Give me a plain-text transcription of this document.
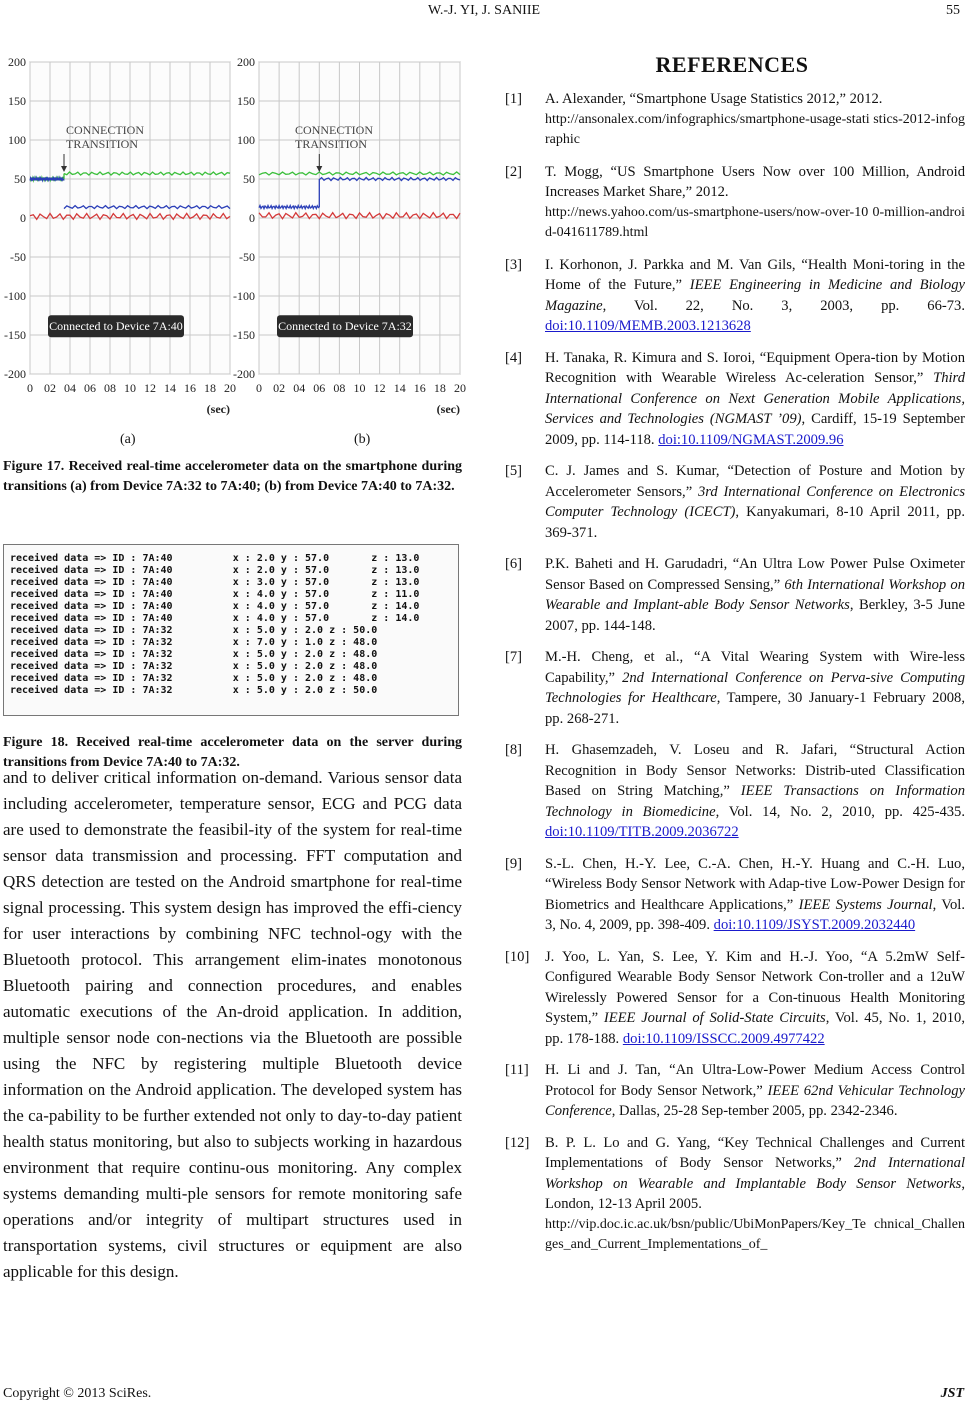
W.-J. YI, J. SANIIE	55
0 02 04 06 08 10 12 14 16 18 20
200
150
100
50
0
-50
-100
-150
-200
CONNECTION
TRANSITION
Connected to Device 7A:40
(sec)
0 02 04 06 08 10 12 14 16 18 20
200
150
100
50
0
-50
-100
-150
-200
CONNECTION
TRANSITION
Connected to Device 7A:32
(sec)
(a)	(b)
Figure 17. Received real-time accelerometer data on the smartphone during transitions (a) from Device 7A:32 to 7A:40; (b) from Device 7A:40 to 7A:32.
received data => ID : 7A:40          x : 2.0 y : 57.0       z : 13.0
received data => ID : 7A:40          x : 2.0 y : 57.0       z : 13.0
received data => ID : 7A:40          x : 3.0 y : 57.0       z : 13.0
received data => ID : 7A:40          x : 4.0 y : 57.0       z : 11.0
received data => ID : 7A:40          x : 4.0 y : 57.0       z : 14.0
received data => ID : 7A:40          x : 4.0 y : 57.0       z : 14.0
received data => ID : 7A:32          x : 5.0 y : 2.0 z : 50.0
received data => ID : 7A:32          x : 7.0 y : 1.0 z : 48.0
received data => ID : 7A:32          x : 5.0 y : 2.0 z : 48.0
received data => ID : 7A:32          x : 5.0 y : 2.0 z : 48.0
received data => ID : 7A:32          x : 5.0 y : 2.0 z : 48.0
received data => ID : 7A:32          x : 5.0 y : 2.0 z : 50.0
Figure 18. Received real-time accelerometer data on the server during transitions from Device 7A:40 to 7A:32.

and to deliver critical information on-demand. Various sensor data including accelerometer, temperature sensor, ECG and PCG data are used to demonstrate the feasibil-ity of the system for real-time sensor data transmission and processing. FFT computation and QRS detection are tested on the Android smartphone for real-time signal processing. This system design has improved the effi-ciency for user interactions by combining NFC technol-ogy with the Bluetooth protocol. This arrangement elim-inates monotonous Bluetooth pairing and connection procedures, and enables automatic executions of the An-droid application. In addition, multiple sensor node con-nections via the Bluetooth are possible using the NFC by registering multiple Bluetooth device information on the Android application. The developed system has the ca-pability to be further extended not only to day-to-day patient health status monitoring, but also to subjects working in hazardous environment that require continu-ous monitoring. Any complex systems demanding multi-ple sensors for remote monitoring safe operations and/or integrity of multipart structures used in transportation systems, civil structures or equipment are also applicable for this design.

REFERENCES
[1] A. Alexander, “Smartphone Usage Statistics 2012,” 2012.
http://ansonalex.com/infographics/smartphone-usage-stati stics-2012-infographic
[2] T. Mogg, “US Smartphone Users Now over 100 Million, Android Increases Market Share,” 2012.
http://news.yahoo.com/us-smartphone-users/now-over-10 0-million-android-041611789.html
[3] I. Korhonon, J. Parkka and M. Van Gils, “Health Moni-toring in the Home of the Future,” IEEE Engineering in Medicine and Biology Magazine, Vol. 22, No. 3, 2003, pp. 66-73. doi:10.1109/MEMB.2003.1213628
[4] H. Tanaka, R. Kimura and S. Ioroi, “Equipment Opera-tion by Motion Recognition with Wearable Wireless Ac-celeration Sensor,” Third International Conference on Next Generation Mobile Applications, Services and Technologies (NGMAST ’09), Cardiff, 15-19 September 2009, pp. 114-118. doi:10.1109/NGMAST.2009.96
[5] C. J. James and S. Kumar, “Detection of Posture and Motion by Accelerometer Sensors,” 3rd International Conference on Electronics Computer Technology (ICECT), Kanyakumari, 8-10 April 2011, pp. 369-371.
[6] P.K. Baheti and H. Garudadri, “An Ultra Low Power Pulse Oximeter Sensor Based on Compressed Sensing,” 6th International Workshop on Wearable and Implant-able Body Sensor Networks, Berkley, 3-5 June 2007, pp. 144-148.
[7] M.-H. Cheng, et al., “A Vital Wearing System with Wire-less Capability,” 2nd International Conference on Perva-sive Computing Technologies for Healthcare, Tampere, 30 January-1 February 2008, pp. 268-271.
[8] H. Ghasemzadeh, V. Loseu and R. Jafari, “Structural Action Recognition in Body Sensor Networks: Distrib-uted Classification Based on String Matching,” IEEE Transactions on Information Technology in Biomedicine, Vol. 14, No. 2, 2010, pp. 425-435. doi:10.1109/TITB.2009.2036722
[9] S.-L. Chen, H.-Y. Lee, C.-A. Chen, H.-Y. Huang and C.-H. Luo, “Wireless Body Sensor Network with Adap-tive Low-Power Design for Biometrics and Healthcare Applications,” IEEE Systems Journal, Vol. 3, No. 4, 2009, pp. 398-409. doi:10.1109/JSYST.2009.2032440
[10] J. Yoo, L. Yan, S. Lee, Y. Kim and H.-J. Yoo, “A 5.2mW Self-Configured Wearable Body Sensor Network Con-troller and a 12uW Wirelessly Powered Sensor for a Con-tinuous Health Monitoring System,” IEEE Journal of Solid-State Circuits, Vol. 45, No. 1, 2010, pp. 178-188. doi:10.1109/ISSCC.2009.4977422
[11] H. Li and J. Tan, “An Ultra-Low-Power Medium Access Control Protocol for Body Sensor Network,” IEEE 62nd Vehicular Technology Conference, Dallas, 25-28 Sep-tember 2005, pp. 2342-2346.
[12] B. P. L. Lo and G. Yang, “Key Technical Challenges and Current Implementations of Body Sensor Networks,” 2nd International Workshop on Wearable and Implantable Body Sensor Networks, London, 12-13 April 2005.
http://vip.doc.ic.ac.uk/bsn/public/UbiMonPapers/Key_Te chnical_Challenges_and_Current_Implementations_of_
Copyright © 2013 SciRes.	JST
